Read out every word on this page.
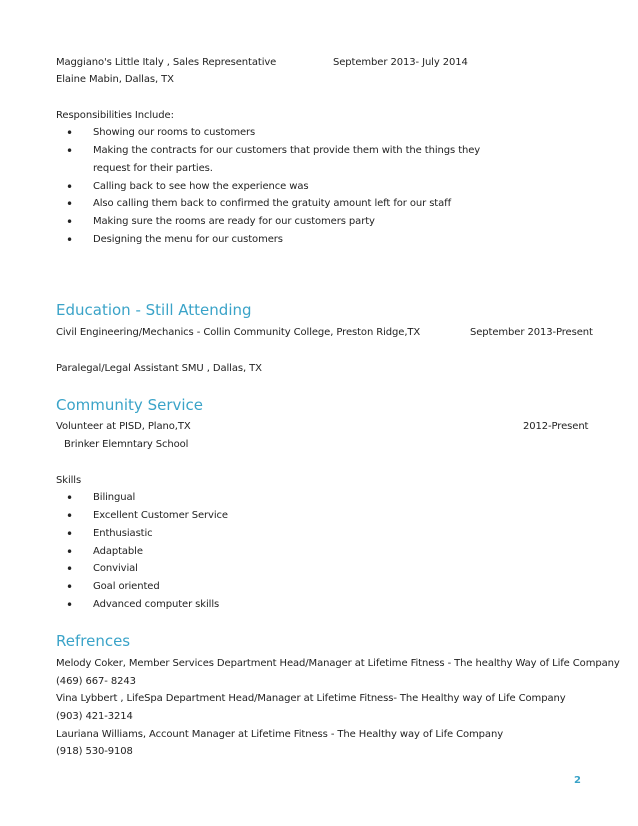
Maggiano's Little Italy , Sales Representative	September 2013- July 2014
Elaine Mabin, Dallas, TX
Responsibilities Include:
•
Showing our rooms to customers
•
Making the contracts for our customers that provide them with the things they
request for their parties.
•
Calling back to see how the experience was
•
Also calling them back to confirmed the gratuity amount left for our staff
•
Making sure the rooms are ready for our customers party
•
Designing the menu for our customers
Education - Still Attending
Civil Engineering/Mechanics - Collin Community College, Preston Ridge,TX	September 2013-Present
Paralegal/Legal Assistant SMU , Dallas, TX
Community Service
Volunteer at PISD, Plano,TX	2012-Present
Brinker Elemntary School
Skills
•
Bilingual
•
Excellent Customer Service
•
Enthusiastic
•
Adaptable
•
Convivial
•
Goal oriented
•
Advanced computer skills
Refrences
Melody Coker, Member Services Department Head/Manager at Lifetime Fitness - The healthy Way of Life Company
(469) 667- 8243
Vina Lybbert , LifeSpa Department Head/Manager at Lifetime Fitness- The Healthy way of Life Company
(903) 421-3214
Lauriana Williams, Account Manager at Lifetime Fitness - The Healthy way of Life Company
(918) 530-9108
2
